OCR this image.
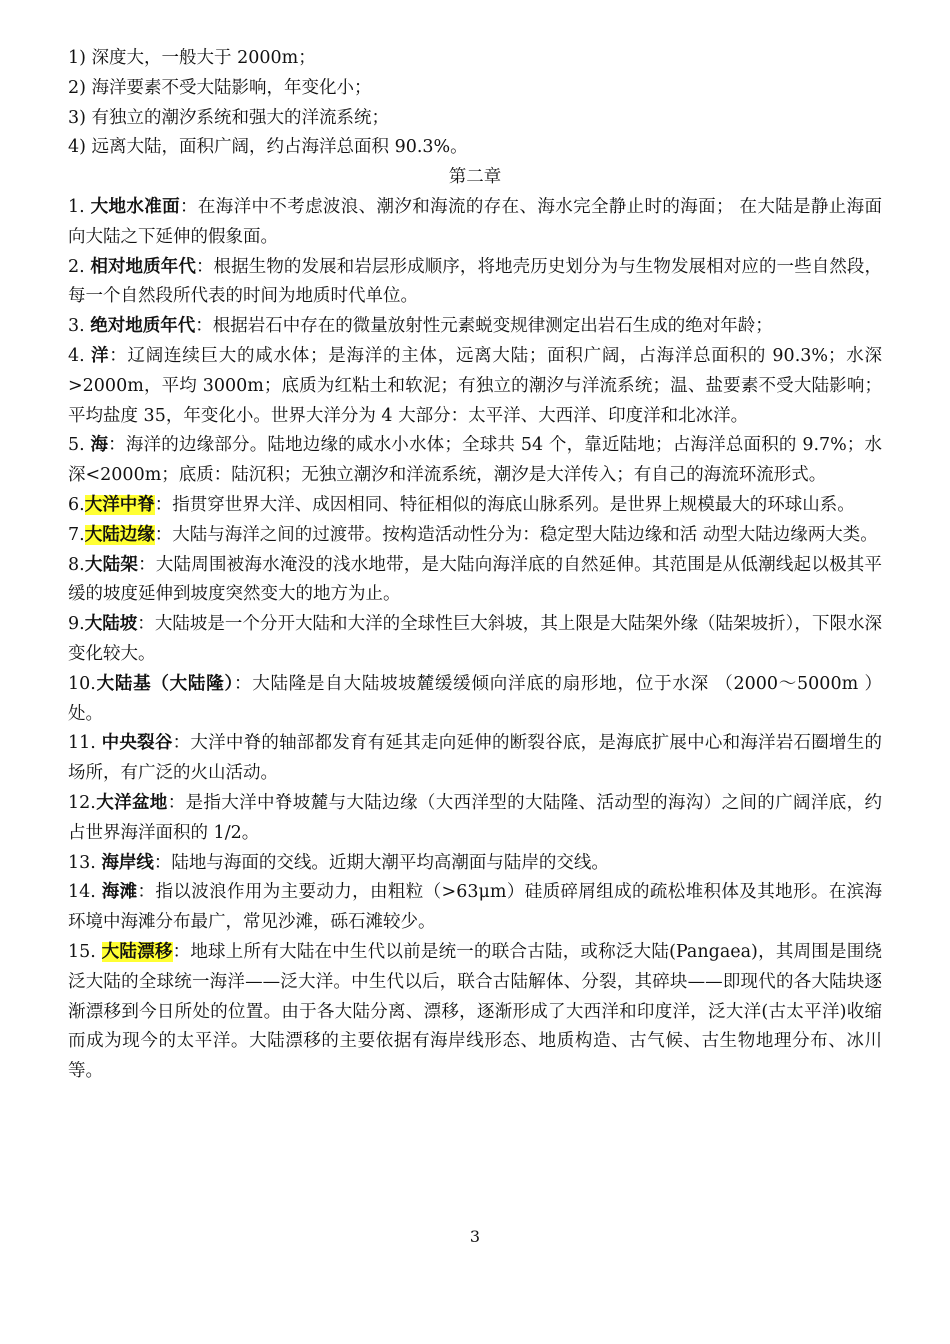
1) 深度大，一般大于 2000m；
2) 海洋要素不受大陆影响，年变化小；
3) 有独立的潮汐系统和强大的洋流系统；
4) 远离大陆，面积广阔，约占海洋总面积 90.3%。
第二章
1. 大地水准面：在海洋中不考虑波浪、潮汐和海流的存在、海水完全静止时的海面； 在大陆是静止海面向大陆之下延伸的假象面。
2. 相对地质年代：根据生物的发展和岩层形成顺序，将地壳历史划分为与生物发展相对应的一些自然段，每一个自然段所代表的时间为地质时代单位。
3. 绝对地质年代：根据岩石中存在的微量放射性元素蜕变规律测定出岩石生成的绝对年龄；
4. 洋：辽阔连续巨大的咸水体；是海洋的主体，远离大陆；面积广阔，占海洋总面积的 90.3%；水深>2000m，平均 3000m；底质为红粘土和软泥；有独立的潮汐与洋流系统；温、盐要素不受大陆影响；平均盐度 35，年变化小。世界大洋分为 4 大部分：太平洋、大西洋、印度洋和北冰洋。
5. 海：海洋的边缘部分。陆地边缘的咸水小水体；全球共 54 个，靠近陆地；占海洋总面积的 9.7%；水深<2000m；底质：陆沉积；无独立潮汐和洋流系统，潮汐是大洋传入；有自己的海流环流形式。
6.大洋中脊：指贯穿世界大洋、成因相同、特征相似的海底山脉系列。是世界上规模最大的环球山系。
7.大陆边缘：大陆与海洋之间的过渡带。按构造活动性分为：稳定型大陆边缘和活 动型大陆边缘两大类。
8.大陆架：大陆周围被海水淹没的浅水地带，是大陆向海洋底的自然延伸。其范围是从低潮线起以极其平缓的坡度延伸到坡度突然变大的地方为止。
9.大陆坡：大陆坡是一个分开大陆和大洋的全球性巨大斜坡，其上限是大陆架外缘（陆架坡折），下限水深变化较大。
10.大陆基（大陆隆）：大陆隆是自大陆坡坡麓缓缓倾向洋底的扇形地，位于水深 （2000～5000m ）处。
11. 中央裂谷：大洋中脊的轴部都发育有延其走向延伸的断裂谷底，是海底扩展中心和海洋岩石圈增生的场所，有广泛的火山活动。
12.大洋盆地：是指大洋中脊坡麓与大陆边缘（大西洋型的大陆隆、活动型的海沟）之间的广阔洋底，约占世界海洋面积的 1/2。
13. 海岸线：陆地与海面的交线。近期大潮平均高潮面与陆岸的交线。
14. 海滩：指以波浪作用为主要动力，由粗粒（>63μm）硅质碎屑组成的疏松堆积体及其地形。在滨海环境中海滩分布最广，常见沙滩，砾石滩较少。
15. 大陆漂移：地球上所有大陆在中生代以前是统一的联合古陆，或称泛大陆(Pangaea)，其周围是围绕泛大陆的全球统一海洋——泛大洋。中生代以后，联合古陆解体、分裂，其碎块——即现代的各大陆块逐渐漂移到今日所处的位置。由于各大陆分离、漂移，逐渐形成了大西洋和印度洋，泛大洋(古太平洋)收缩而成为现今的太平洋。大陆漂移的主要依据有海岸线形态、地质构造、古气候、古生物地理分布、冰川等。
3
